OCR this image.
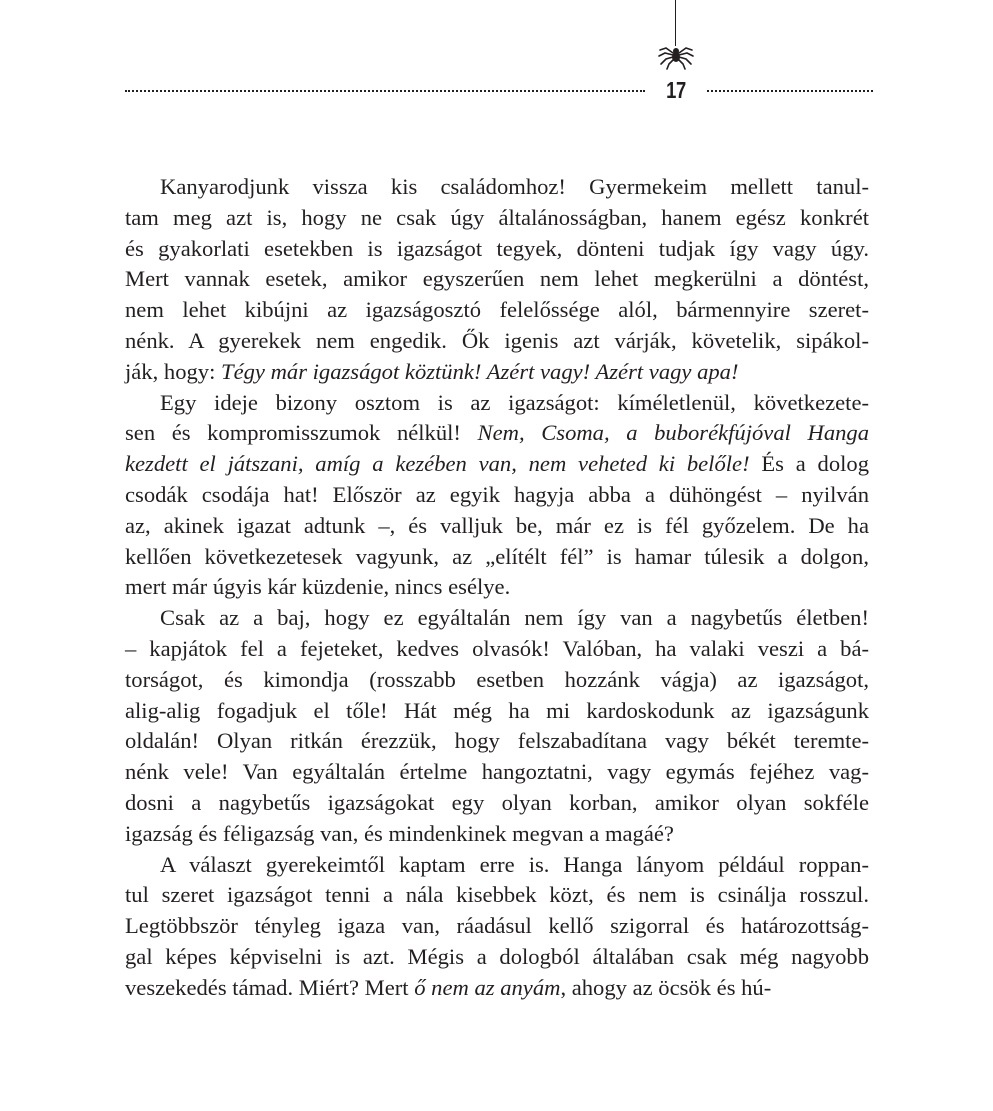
17
Kanyarodjunk vissza kis családomhoz! Gyermekeim mellett tanul-
tam meg azt is, hogy ne csak úgy általánosságban, hanem egész konkrét
és gyakorlati esetekben is igazságot tegyek, dönteni tudjak így vagy úgy.
Mert vannak esetek, amikor egyszerűen nem lehet megkerülni a döntést,
nem lehet kibújni az igazságosztó felelőssége alól, bármennyire szeret-
nénk. A gyerekek nem engedik. Ők igenis azt várják, követelik, sipákol-
ják, hogy: Tégy már igazságot köztünk! Azért vagy! Azért vagy apa!
Egy ideje bizony osztom is az igazságot: kíméletlenül, következete-
sen és kompromisszumok nélkül! Nem, Csoma, a buborékfújóval Hanga
kezdett el játszani, amíg a kezében van, nem veheted ki belőle! És a dolog
csodák csodája hat! Először az egyik hagyja abba a dühöngést – nyilván
az, akinek igazat adtunk –, és valljuk be, már ez is fél győzelem. De ha
kellően következetesek vagyunk, az „elítélt fél” is hamar túlesik a dolgon,
mert már úgyis kár küzdenie, nincs esélye.
Csak az a baj, hogy ez egyáltalán nem így van a nagybetűs életben!
– kapjátok fel a fejeteket, kedves olvasók! Valóban, ha valaki veszi a bá-
torságot, és kimondja (rosszabb esetben hozzánk vágja) az igazságot,
alig-alig fogadjuk el tőle! Hát még ha mi kardoskodunk az igazságunk
oldalán! Olyan ritkán érezzük, hogy felszabadítana vagy békét teremte-
nénk vele! Van egyáltalán értelme hangoztatni, vagy egymás fejéhez vag-
dosni a nagybetűs igazságokat egy olyan korban, amikor olyan sokféle
igazság és féligazság van, és mindenkinek megvan a magáé?
A választ gyerekeimtől kaptam erre is. Hanga lányom például roppan-
tul szeret igazságot tenni a nála kisebbek közt, és nem is csinálja rosszul.
Legtöbbször tényleg igaza van, ráadásul kellő szigorral és határozottság-
gal képes képviselni is azt. Mégis a dologból általában csak még nagyobb
veszekedés támad. Miért? Mert ő nem az anyám, ahogy az öcsök és hú-
